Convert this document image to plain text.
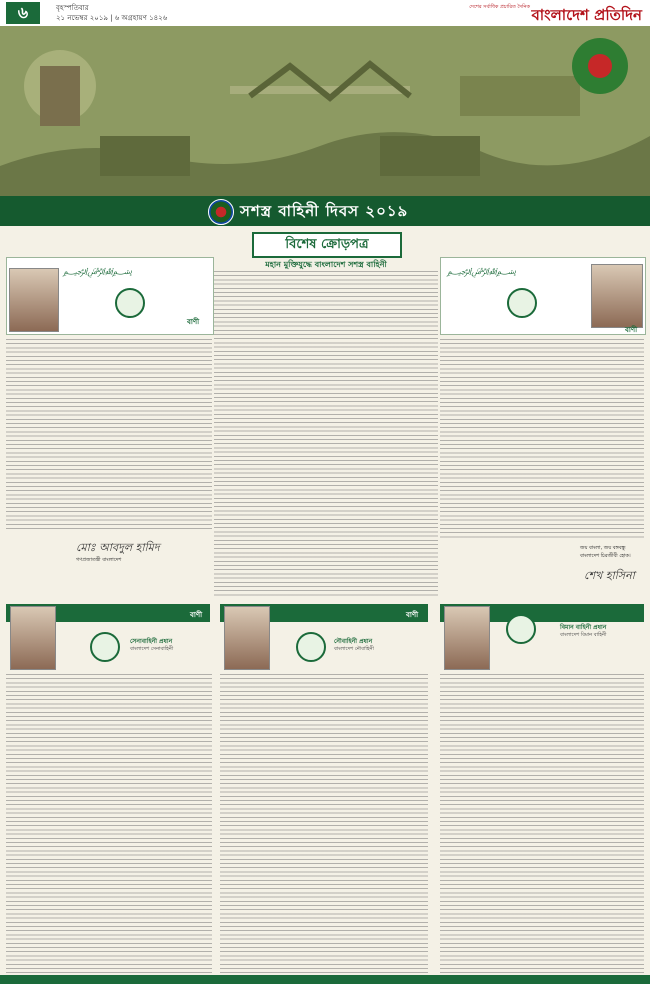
৬	বৃহস্পতিবার
২১ নভেম্বর ২০১৯ | ৬ অগ্রহায়ণ ১৪২৬
দেশের সর্বাধিক প্রচারিত দৈনিক বাংলাদেশ প্রতিদিন
সশস্ত্র বাহিনী দিবস ২০১৯
বিশেষ ক্রোড়পত্র
﷽
বাণী
মোঃ আবদুল হামিদ
গণপ্রজাতন্ত্রী বাংলাদেশ
মহান মুক্তিযুদ্ধে বাংলাদেশ সশস্ত্র বাহিনী
﷽
বাণী
জয় বাংলা, জয় বঙ্গবন্ধু
বাংলাদেশ চিরজীবী হোক।
শেখ হাসিনা
বাণী	বাণী
সেনাবাহিনী প্রধান
বাংলাদেশ সেনাবাহিনী
নৌবাহিনী প্রধান
বাংলাদেশ নৌবাহিনী
বিমান বাহিনী প্রধান
বাংলাদেশ বিমান বাহিনী
